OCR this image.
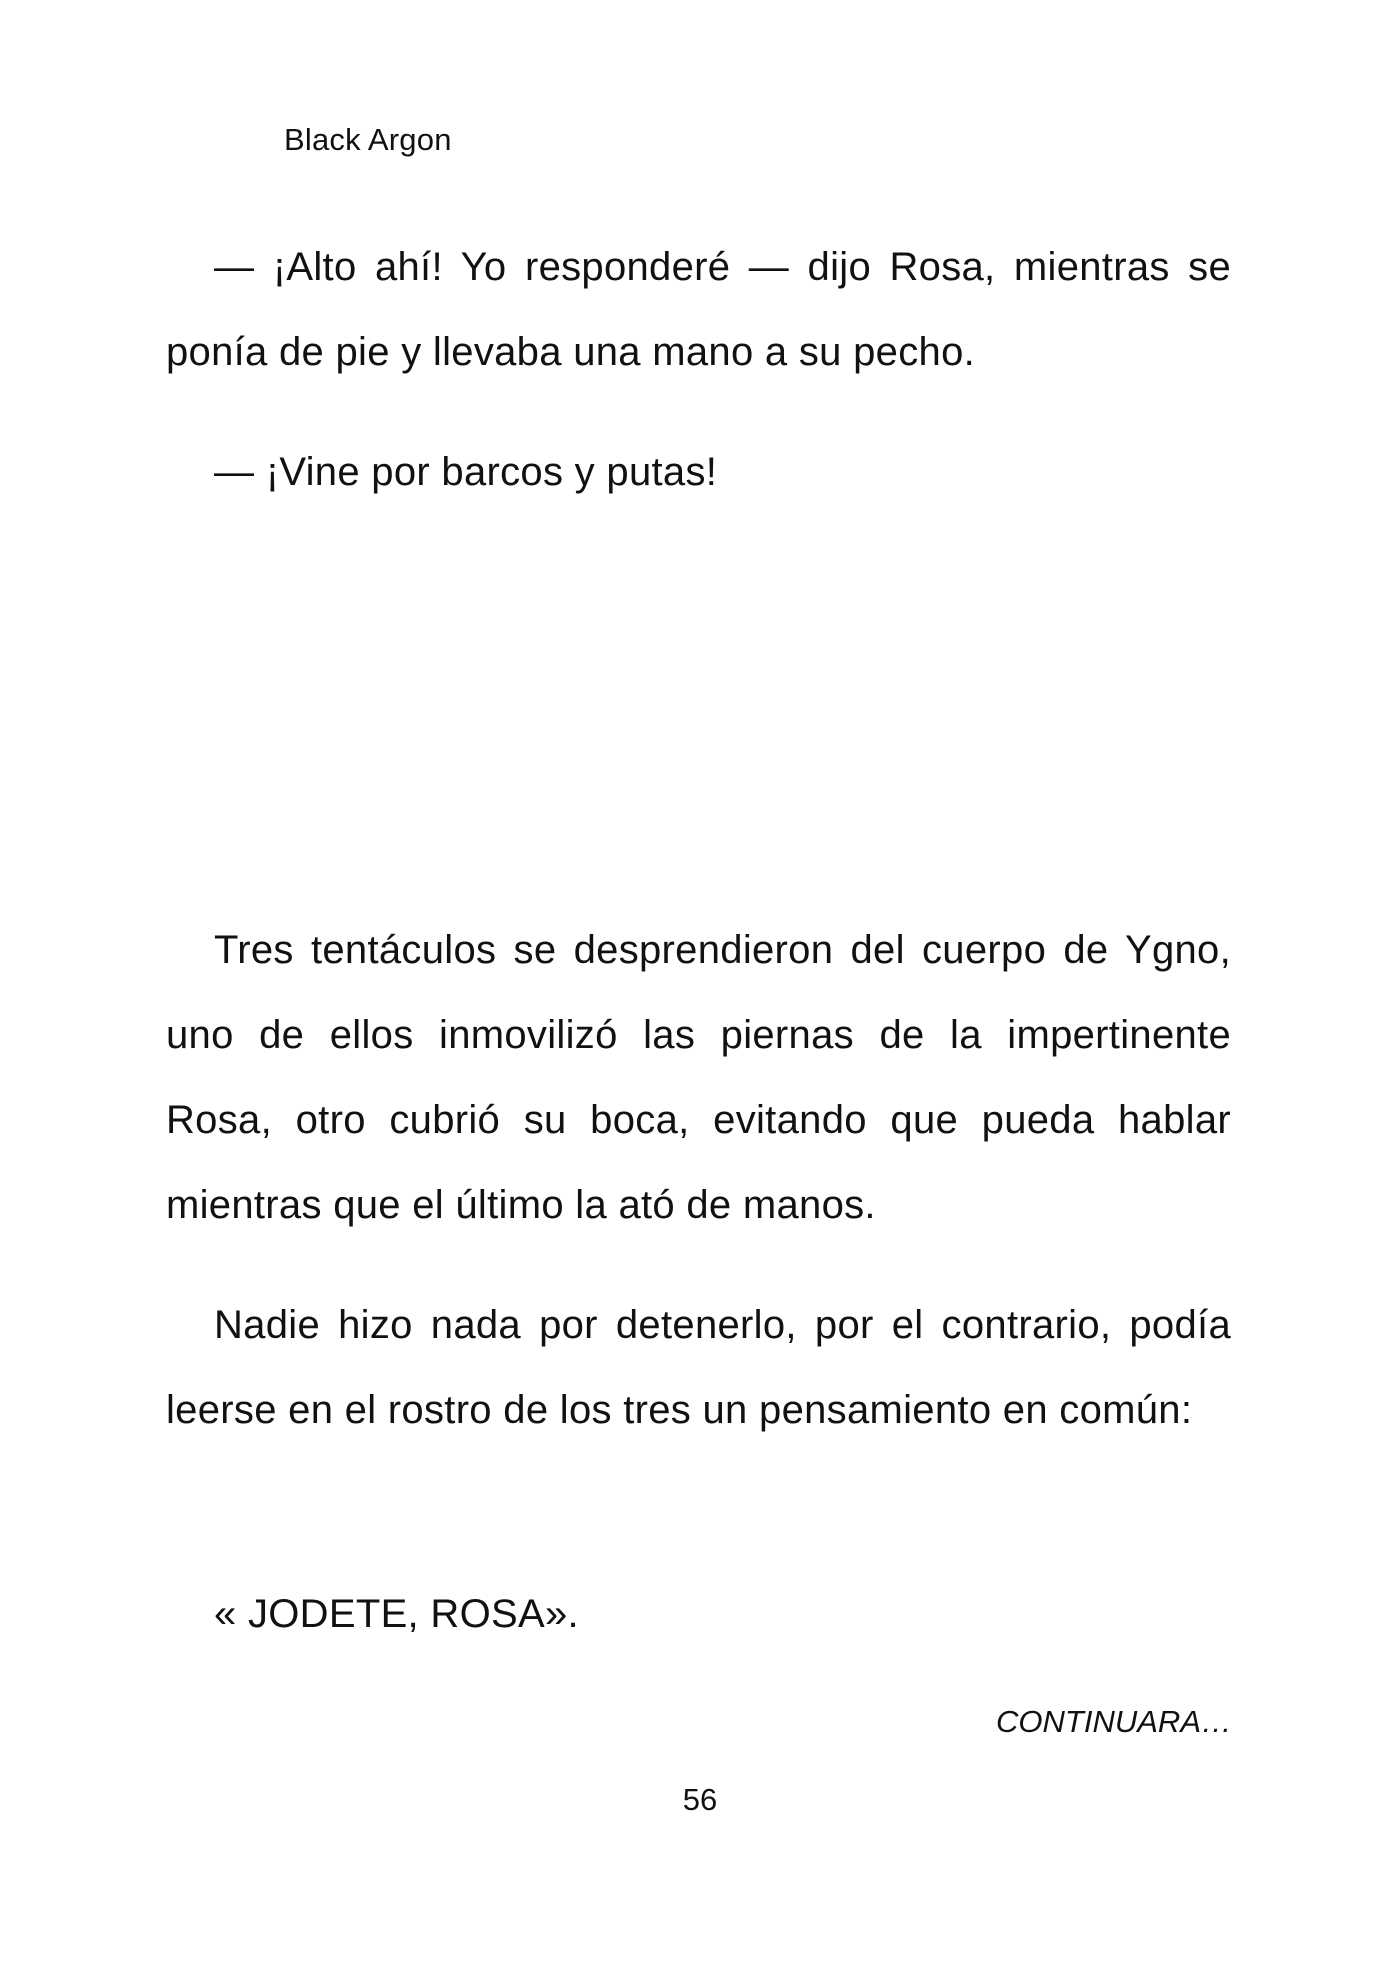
Black Argon

— ¡Alto ahí! Yo responderé — dijo Rosa, mientras se ponía de pie y llevaba una mano a su pecho.

— ¡Vine por barcos y putas!

Tres tentáculos se desprendieron del cuerpo de Ygno, uno de ellos inmovilizó las piernas de la impertinente Rosa, otro cubrió su boca, evitando que pueda hablar mientras que el último la ató de manos.

Nadie hizo nada por detenerlo, por el contrario, podía leerse en el rostro de los tres un pensamiento en común:

« JODETE, ROSA».

CONTINUARA…

56
